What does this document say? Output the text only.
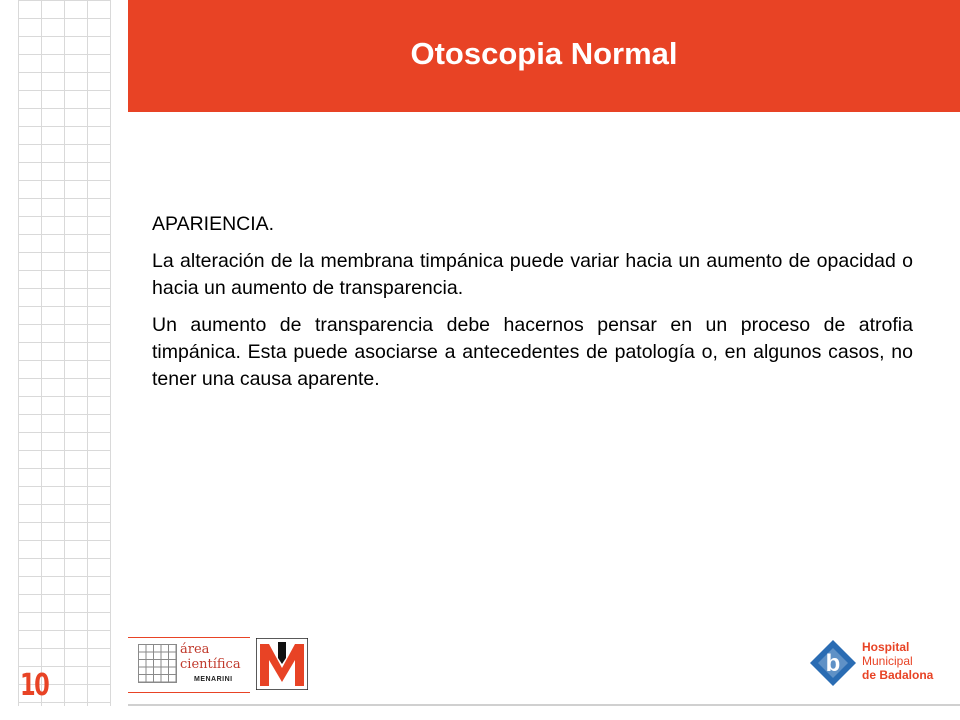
Otoscopia Normal

APARIENCIA.

La alteración de la membrana timpánica puede variar hacia un aumento de opacidad o hacia un aumento de transparencia.

Un aumento de transparencia debe hacernos pensar en un proceso de atrofia timpánica. Esta puede asociarse a antecedentes de patología o, en algunos casos, no tener una causa aparente.

10
área
científica
MENARINI
b
Hospital
Municipal
de Badalona
